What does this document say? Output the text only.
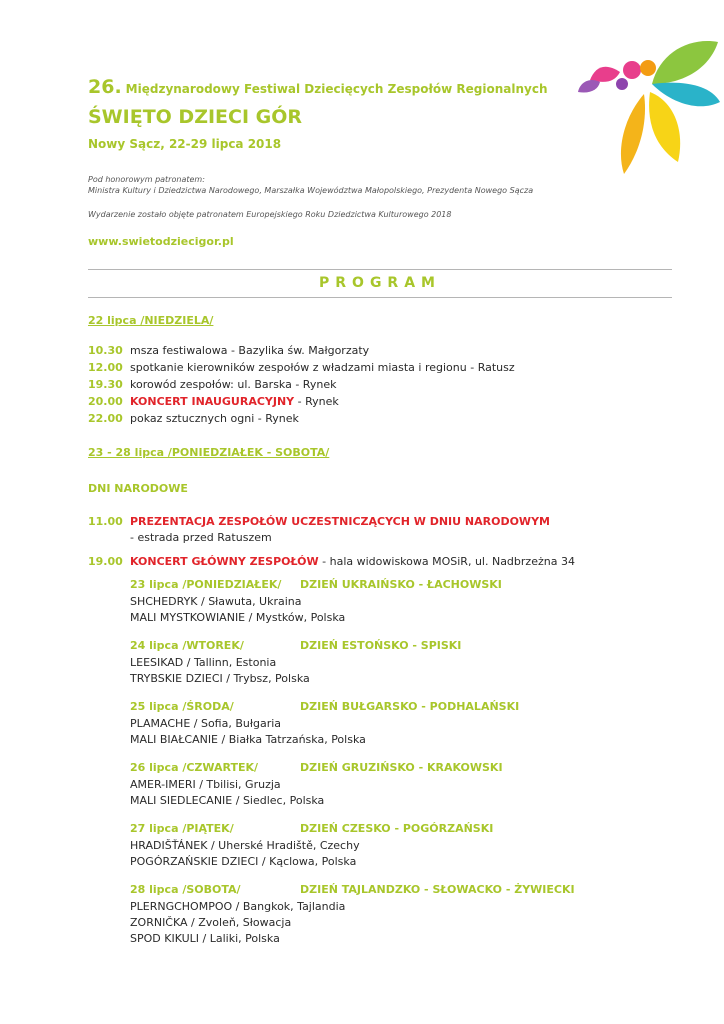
26. Międzynarodowy Festiwal Dziecięcych Zespołów Regionalnych
ŚWIĘTO DZIECI GÓR
Nowy Sącz, 22-29 lipca 2018
Pod honorowym patronatem:
Ministra Kultury i Dziedzictwa Narodowego, Marszałka Województwa Małopolskiego, Prezydenta Nowego Sącza
Wydarzenie zostało objęte patronatem Europejskiego Roku Dziedzictwa Kulturowego 2018
www.swietodziecigor.pl
PROGRAM
22 lipca /NIEDZIELA/
10.30 msza festiwalowa - Bazylika św. Małgorzaty
12.00 spotkanie kierowników zespołów z władzami miasta i regionu - Ratusz
19.30 korowód zespołów: ul. Barska - Rynek
20.00 KONCERT INAUGURACYJNY - Rynek
22.00 pokaz sztucznych ogni - Rynek
23 - 28 lipca /PONIEDZIAŁEK - SOBOTA/
DNI NARODOWE
11.00 PREZENTACJA ZESPOŁÓW UCZESTNICZĄCYCH W DNIU NARODOWYM
- estrada przed Ratuszem
19.00 KONCERT GŁÓWNY ZESPOŁÓW - hala widowiskowa MOSiR, ul. Nadbrzeżna 34
23 lipca /PONIEDZIAŁEK/ DZIEŃ UKRAIŃSKO - ŁACHOWSKI
SHCHEDRYK / Sławuta, Ukraina
MALI MYSTKOWIANIE / Mystków, Polska
24 lipca /WTOREK/	DZIEŃ ESTOŃSKO - SPISKI
LEESIKAD / Tallinn, Estonia
TRYBSKIE DZIECI / Trybsz, Polska
25 lipca /ŚRODA/	DZIEŃ BUŁGARSKO - PODHALAŃSKI
PLAMACHE / Sofia, Bułgaria
MALI BIAŁCANIE / Białka Tatrzańska, Polska
26 lipca /CZWARTEK/	DZIEŃ GRUZIŃSKO - KRAKOWSKI
AMER-IMERI / Tbilisi, Gruzja
MALI SIEDLECANIE / Siedlec, Polska
27 lipca /PIĄTEK/	DZIEŃ CZESKO - POGÓRZAŃSKI
HRADIŠŤÁNEK / Uherské Hradiště, Czechy
POGÓRZAŃSKIE DZIECI / Kąclowa, Polska
28 lipca /SOBOTA/	DZIEŃ TAJLANDZKO - SŁOWACKO - ŻYWIECKI
PLERNGCHOMPOO / Bangkok, Tajlandia
ZORNIČKA / Zvoleň, Słowacja
SPOD KIKULI / Laliki, Polska
